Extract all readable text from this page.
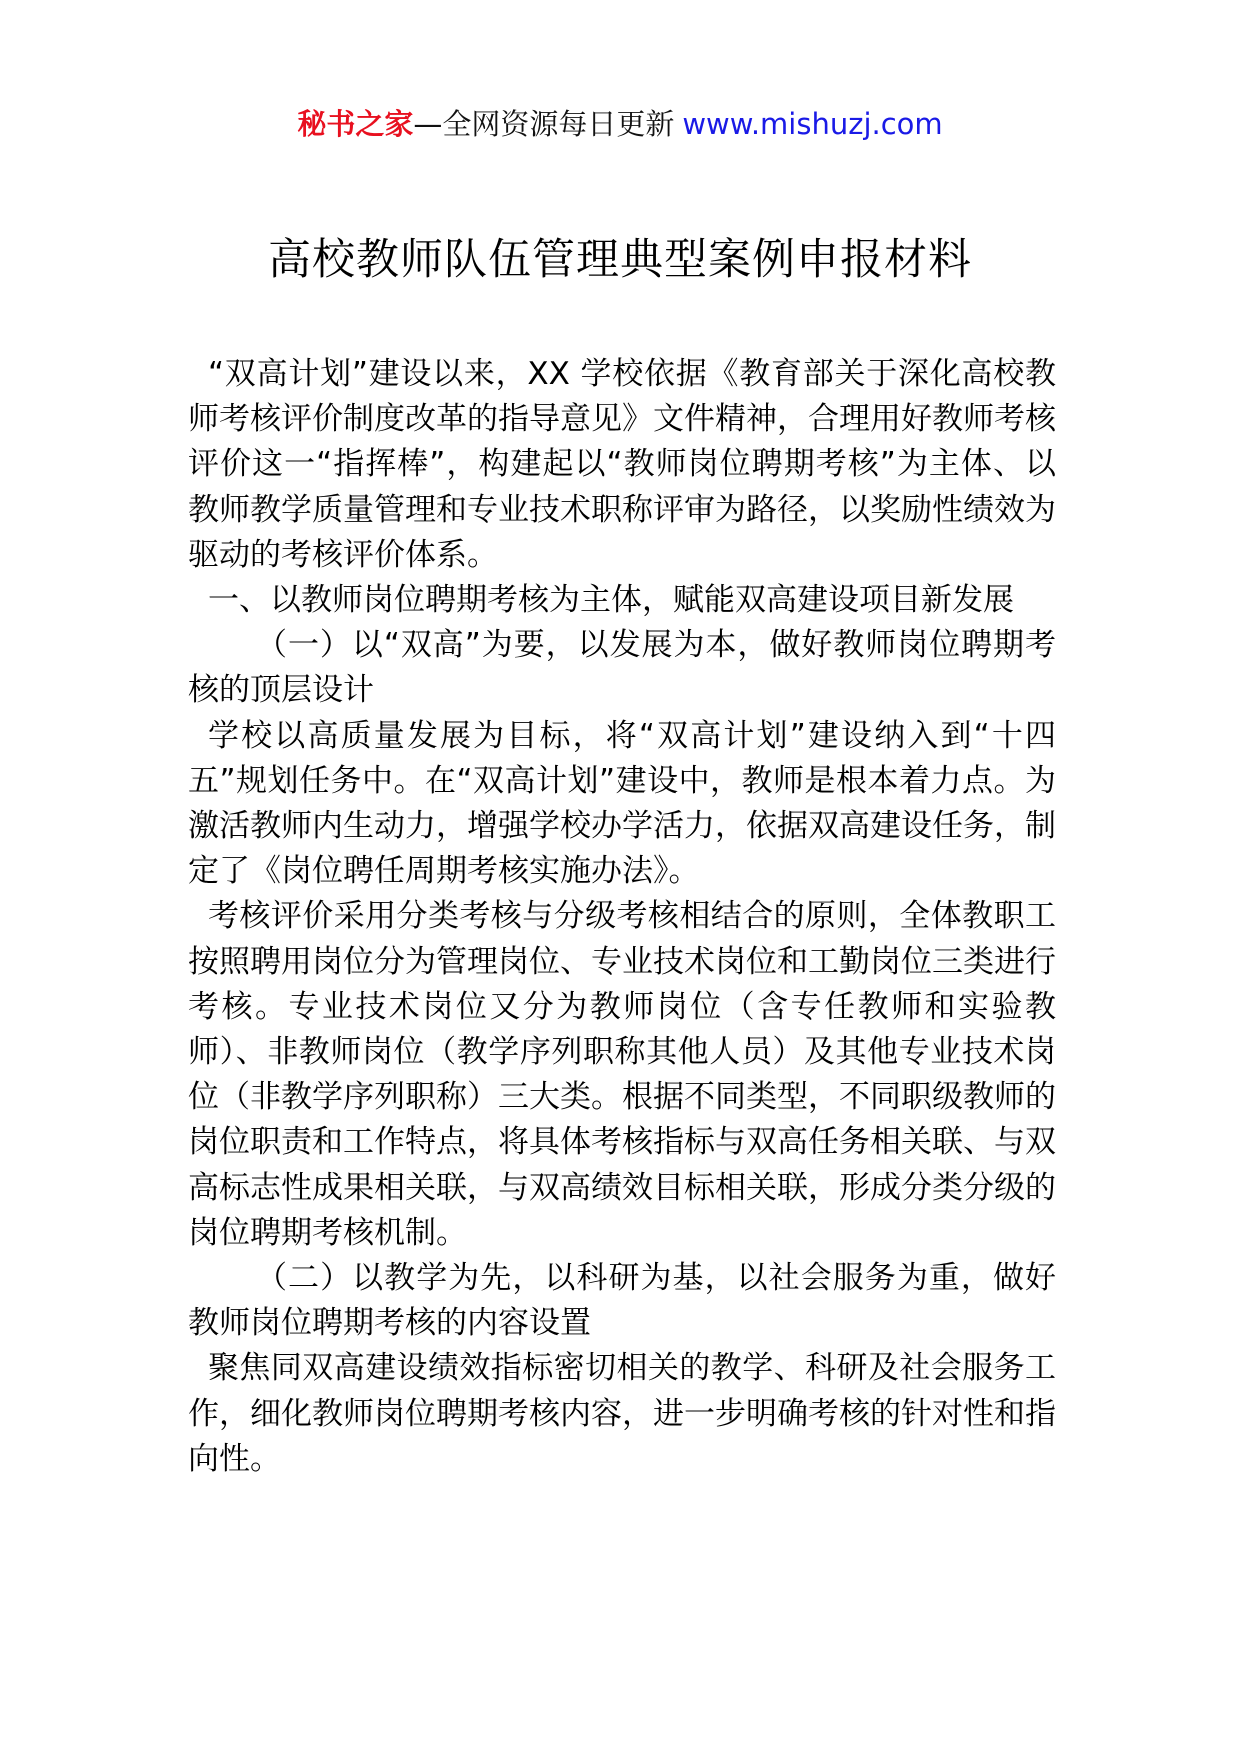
秘书之家—全网资源每日更新 www.mishuzj.com
高校教师队伍管理典型案例申报材料

“双高计划”建设以来，XX 学校依据《教育部关于深化高校教师考核评价制度改革的指导意见》文件精神，合理用好教师考核评价这一“指挥棒”，构建起以“教师岗位聘期考核”为主体、以教师教学质量管理和专业技术职称评审为路径，以奖励性绩效为驱动的考核评价体系。

一、以教师岗位聘期考核为主体，赋能双高建设项目新发展

（一）以“双高”为要，以发展为本，做好教师岗位聘期考核的顶层设计

学校以高质量发展为目标，将“双高计划”建设纳入到“十四五”规划任务中。在“双高计划”建设中，教师是根本着力点。为激活教师内生动力，增强学校办学活力，依据双高建设任务，制定了《岗位聘任周期考核实施办法》。

考核评价采用分类考核与分级考核相结合的原则，全体教职工按照聘用岗位分为管理岗位、专业技术岗位和工勤岗位三类进行考核。专业技术岗位又分为教师岗位（含专任教师和实验教师）、非教师岗位（教学序列职称其他人员）及其他专业技术岗位（非教学序列职称）三大类。根据不同类型，不同职级教师的岗位职责和工作特点，将具体考核指标与双高任务相关联、与双高标志性成果相关联，与双高绩效目标相关联，形成分类分级的岗位聘期考核机制。

（二）以教学为先，以科研为基，以社会服务为重，做好教师岗位聘期考核的内容设置

聚焦同双高建设绩效指标密切相关的教学、科研及社会服务工作，细化教师岗位聘期考核内容，进一步明确考核的针对性和指向性。
